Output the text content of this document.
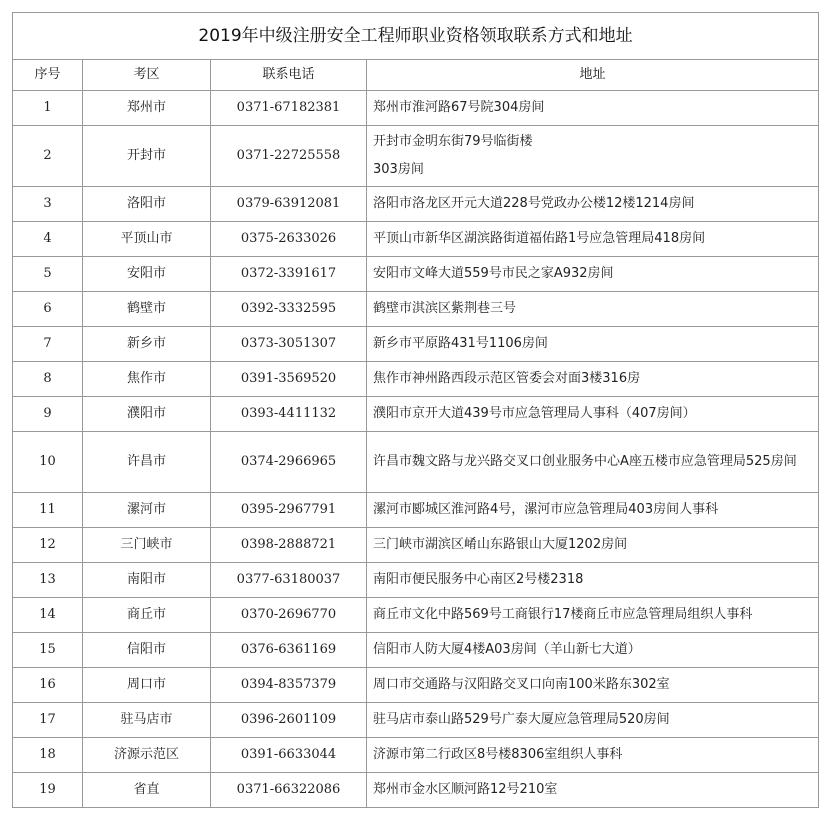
2019年中级注册安全工程师职业资格领取联系方式和地址			
序号	考区	联系电话	地址
1	郑州市	0371-67182381	郑州市淮河路67号院304房间
2	开封市	0371-22725558	开封市金明东街79号临街楼
303房间

3	洛阳市	0379-63912081	洛阳市洛龙区开元大道228号党政办公楼12楼1214房间
4	平顶山市	0375-2633026	平顶山市新华区湖滨路街道福佑路1号应急管理局418房间
5	安阳市	0372-3391617	安阳市文峰大道559号市民之家A932房间
6	鹤壁市	0392-3332595	鹤壁市淇滨区紫荆巷三号
7	新乡市	0373-3051307	新乡市平原路431号1106房间
8	焦作市	0391-3569520	焦作市神州路西段示范区管委会对面3楼316房
9	濮阳市	0393-4411132	濮阳市京开大道439号市应急管理局人事科（407房间）
10	许昌市	0374-2966965	许昌市魏文路与龙兴路交叉口创业服务中心A座五楼市应急管理局525房间
11	漯河市	0395-2967791	漯河市郾城区淮河路4号，漯河市应急管理局403房间人事科
12	三门峡市	0398-2888721	三门峡市湖滨区崤山东路银山大厦1202房间
13	南阳市	0377-63180037	南阳市便民服务中心南区2号楼2318
14	商丘市	0370-2696770	商丘市文化中路569号工商银行17楼商丘市应急管理局组织人事科
15	信阳市	0376-6361169	信阳市人防大厦4楼A03房间（羊山新七大道）
16	周口市	0394-8357379	周口市交通路与汉阳路交叉口向南100米路东302室
17	驻马店市	0396-2601109	驻马店市泰山路529号广泰大厦应急管理局520房间
18	济源示范区	0391-6633044	济源市第二行政区8号楼8306室组织人事科
19	省直	0371-66322086	郑州市金水区顺河路12号210室
